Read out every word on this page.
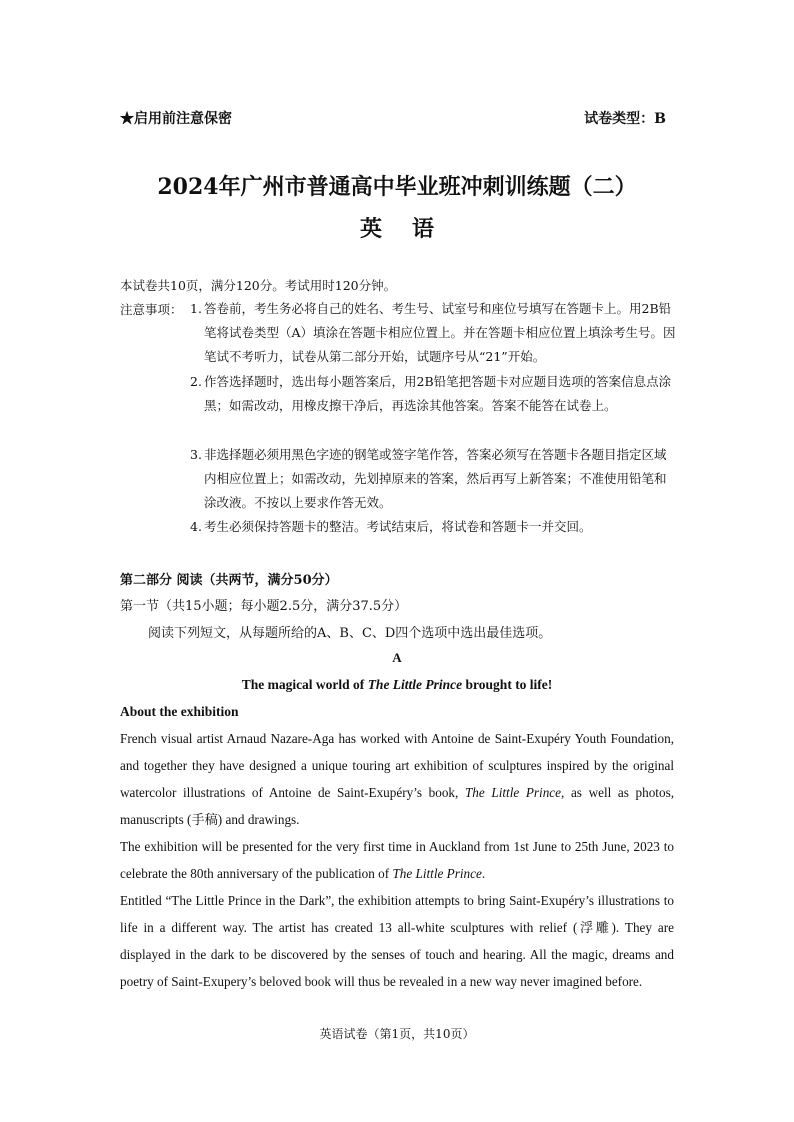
★启用前注意保密	试卷类型：B
2024年广州市普通高中毕业班冲刺训练题（二）
英语
本试卷共10页，满分120分。考试用时120分钟。
注意事项： 1. 答卷前，考生务必将自己的姓名、考生号、试室号和座位号填写在答题卡上。用2B铅笔将试卷类型（A）填涂在答题卡相应位置上。并在答题卡相应位置上填涂考生号。因笔试不考听力，试卷从第二部分开始，试题序号从“21”开始。
2. 作答选择题时，选出每小题答案后，用2B铅笔把答题卡对应题目选项的答案信息点涂黑；如需改动，用橡皮擦干净后，再选涂其他答案。答案不能答在试卷上。
3. 非选择题必须用黑色字迹的钢笔或签字笔作答，答案必须写在答题卡各题目指定区域内相应位置上；如需改动，先划掉原来的答案，然后再写上新答案；不准使用铅笔和涂改液。不按以上要求作答无效。
4. 考生必须保持答题卡的整洁。考试结束后，将试卷和答题卡一并交回。
第二部分 阅读（共两节，满分50分）
第一节（共15小题；每小题2.5分，满分37.5分）
阅读下列短文，从每题所给的A、B、C、D四个选项中选出最佳选项。
A
The magical world of The Little Prince brought to life!
About the exhibition
French visual artist Arnaud Nazare-Aga has worked with Antoine de Saint-Exupéry Youth Foundation, and together they have designed a unique touring art exhibition of sculptures inspired by the original watercolor illustrations of Antoine de Saint-Exupéry’s book, The Little Prince, as well as photos, manuscripts (手稿) and drawings.
The exhibition will be presented for the very first time in Auckland from 1st June to 25th June, 2023 to celebrate the 80th anniversary of the publication of The Little Prince.
Entitled “The Little Prince in the Dark”, the exhibition attempts to bring Saint-Exupéry’s illustrations to life in a different way. The artist has created 13 all-white sculptures with relief (浮雕). They are displayed in the dark to be discovered by the senses of touch and hearing. All the magic, dreams and poetry of Saint-Exupery’s beloved book will thus be revealed in a new way never imagined before.
英语试卷（第1页，共10页）
